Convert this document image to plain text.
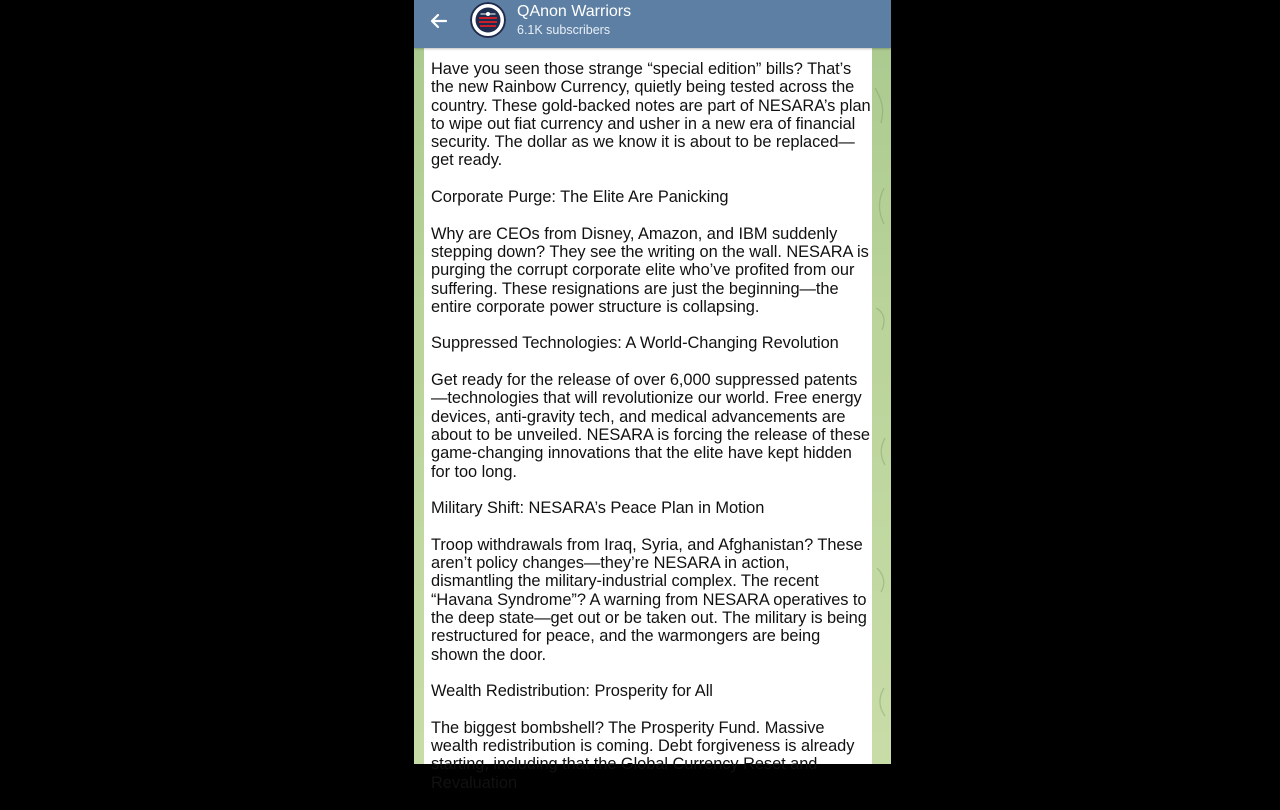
QAnon Warriors
6.1K subscribers

Have you seen those strange “special edition” bills? That’s the new Rainbow Currency, quietly being tested across the country. These gold-backed notes are part of NESARA’s plan to wipe out fiat currency and usher in a new era of financial security. The dollar as we know it is about to be replaced—get ready.

Corporate Purge: The Elite Are Panicking

Why are CEOs from Disney, Amazon, and IBM suddenly stepping down? They see the writing on the wall. NESARA is purging the corrupt corporate elite who’ve profited from our suffering. These resignations are just the beginning—the entire corporate power structure is collapsing.

Suppressed Technologies: A World-Changing Revolution

Get ready for the release of over 6,000 suppressed patents—technologies that will revolutionize our world. Free energy devices, anti-gravity tech, and medical advancements are about to be unveiled. NESARA is forcing the release of these game-changing innovations that the elite have kept hidden for too long.

Military Shift: NESARA’s Peace Plan in Motion

Troop withdrawals from Iraq, Syria, and Afghanistan? These aren’t policy changes—they’re NESARA in action, dismantling the military-industrial complex. The recent “Havana Syndrome”? A warning from NESARA operatives to the deep state—get out or be taken out. The military is being restructured for peace, and the warmongers are being shown the door.

Wealth Redistribution: Prosperity for All

The biggest bombshell? The Prosperity Fund. Massive wealth redistribution is coming. Debt forgiveness is already starting, including that the Global Currency Reset and Revaluation
